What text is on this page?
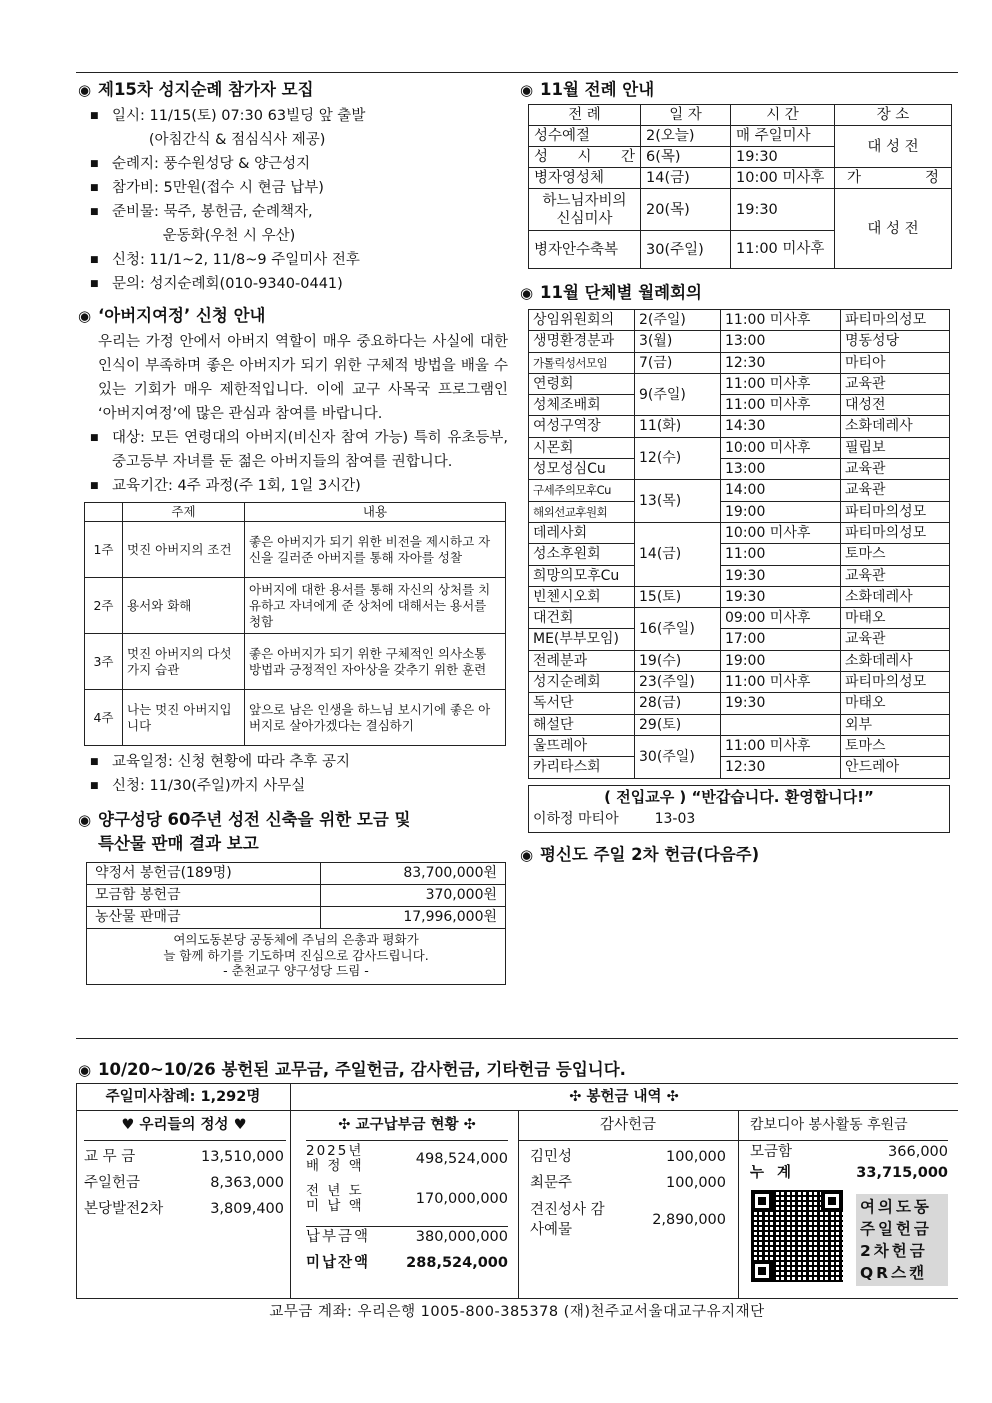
◉ 제15차 성지순례 참가자 모집
■ 일시: 11/15(토) 07:30 63빌딩 앞 출발
(아침간식 & 점심식사 제공)
■ 순례지: 풍수원성당 & 양근성지
■ 참가비: 5만원(접수 시 현금 납부)
■ 준비물: 묵주, 봉헌금, 순례책자,
운동화(우천 시 우산)
■ 신청: 11/1~2, 11/8~9 주일미사 전후
■ 문의: 성지순례회(010-9340-0441)
◉ ‘아버지여정’ 신청 안내

우리는 가정 안에서 아버지 역할이 매우 중요하다는 사실에 대한 인식이 부족하며 좋은 아버지가 되기 위한 구체적 방법을 배울 수 있는 기회가 매우 제한적입니다. 이에 교구 사목국 프로그램인 ‘아버지여정’에 많은 관심과 참여를 바랍니다.

■ 대상: 모든 연령대의 아버지(비신자 참여 가능) 특히 유초등부, 중고등부 자녀를 둔 젊은 아버지들의 참여를 권합니다.
■ 교육기간: 4주 과정(주 1회, 1일 3시간)
	주제	내용
1주	멋진 아버지의 조건	좋은 아버지가 되기 위한 비전을 제시하고 자신을 길러준 아버지를 통해 자아를 성찰
2주	용서와 화해	아버지에 대한 용서를 통해 자신의 상처를 치유하고 자녀에게 준 상처에 대해서는 용서를 청함
3주	멋진 아버지의 다섯가지 습관	좋은 아버지가 되기 위한 구체적인 의사소통 방법과 긍정적인 자아상을 갖추기 위한 훈련
4주	나는 멋진 아버지입니다	앞으로 남은 인생을 하느님 보시기에 좋은 아버지로 살아가겠다는 결심하기
■ 교육일정: 신청 현황에 따라 추후 공지
■ 신청: 11/30(주일)까지 사무실
◉ 양구성당 60주년 성전 신축을 위한 모금 및
특산물 판매 결과 보고
약정서 봉헌금(189명)	83,700,000원
모금함 봉헌금	370,000원
농산물 판매금	17,996,000원
여의도동본당 공동체에 주님의 은총과 평화가
늘 함께 하기를 기도하며 진심으로 감사드립니다.
- 춘천교구 양구성당 드림 -	
◉ 11월 전례 안내
전 례	일 자	시 간	장 소
성수예절	2(오늘)	매 주일미사	대 성 전
성 시 간	6(목)	19:30	
병자영성체	14(금)	10:00 미사후	가 정
하느님자비의 신심미사	20(목)	19:30	대 성 전
병자안수축복	30(주일)	11:00 미사후	
◉ 11월 단체별 월례회의
상임위원회의	2(주일)	11:00 미사후	파티마의성모
생명환경분과	3(월)	13:00	명동성당
가톨릭성서모임	7(금)	12:30	마티아
연령회	9(주일)	11:00 미사후	교육관
성체조배회		11:00 미사후	대성전
여성구역장	11(화)	14:30	소화데레사
시몬회	12(수)	10:00 미사후	필립보
성모성심Cu		13:00	교육관
구세주의모후Cu	13(목)	14:00	교육관
해외선교후원회		19:00	파티마의성모
데레사회	14(금)	10:00 미사후	파티마의성모
성소후원회		11:00	토마스
희망의모후Cu		19:30	교육관
빈첸시오회	15(토)	19:30	소화데레사
대건회	16(주일)	09:00 미사후	마태오
ME(부부모임)		17:00	교육관
전례분과	19(수)	19:00	소화데레사
성지순례회	23(주일)	11:00 미사후	파티마의성모
독서단	28(금)	19:30	마태오
해설단	29(토)		외부
울뜨레아	30(주일)	11:00 미사후	토마스
카리타스회		12:30	안드레아
( 전입교우 ) “반갑습니다. 환영합니다!”
이하정 마티아	13-03
◉ 평신도 주일 2차 헌금(다음주)
◉ 10/20~10/26 봉헌된 교무금, 주일헌금, 감사헌금, 기타헌금 등입니다.
주일미사참례: 1,292명	✣ 봉헌금 내역 ✣
♥ 우리들의 정성 ♥
교 무 금	13,510,000
주일헌금	8,363,000
본당발전2차	3,809,400
✣ 교구납부금 현황 ✣
2025년
배 정 액	498,524,000
전 년 도
미 납 액	170,000,000
납부금액	380,000,000
미납잔액 288,524,000
감사헌금
김민성	100,000
최문주	100,000
견진성사 감사예물
2,890,000
캄보디아 봉사활동 후원금
모금함	366,000
누 계	33,715,000
여의도동
주일헌금
2차헌금
QR스캔
교무금 계좌: 우리은행 1005-800-385378 (재)천주교서울대교구유지재단
